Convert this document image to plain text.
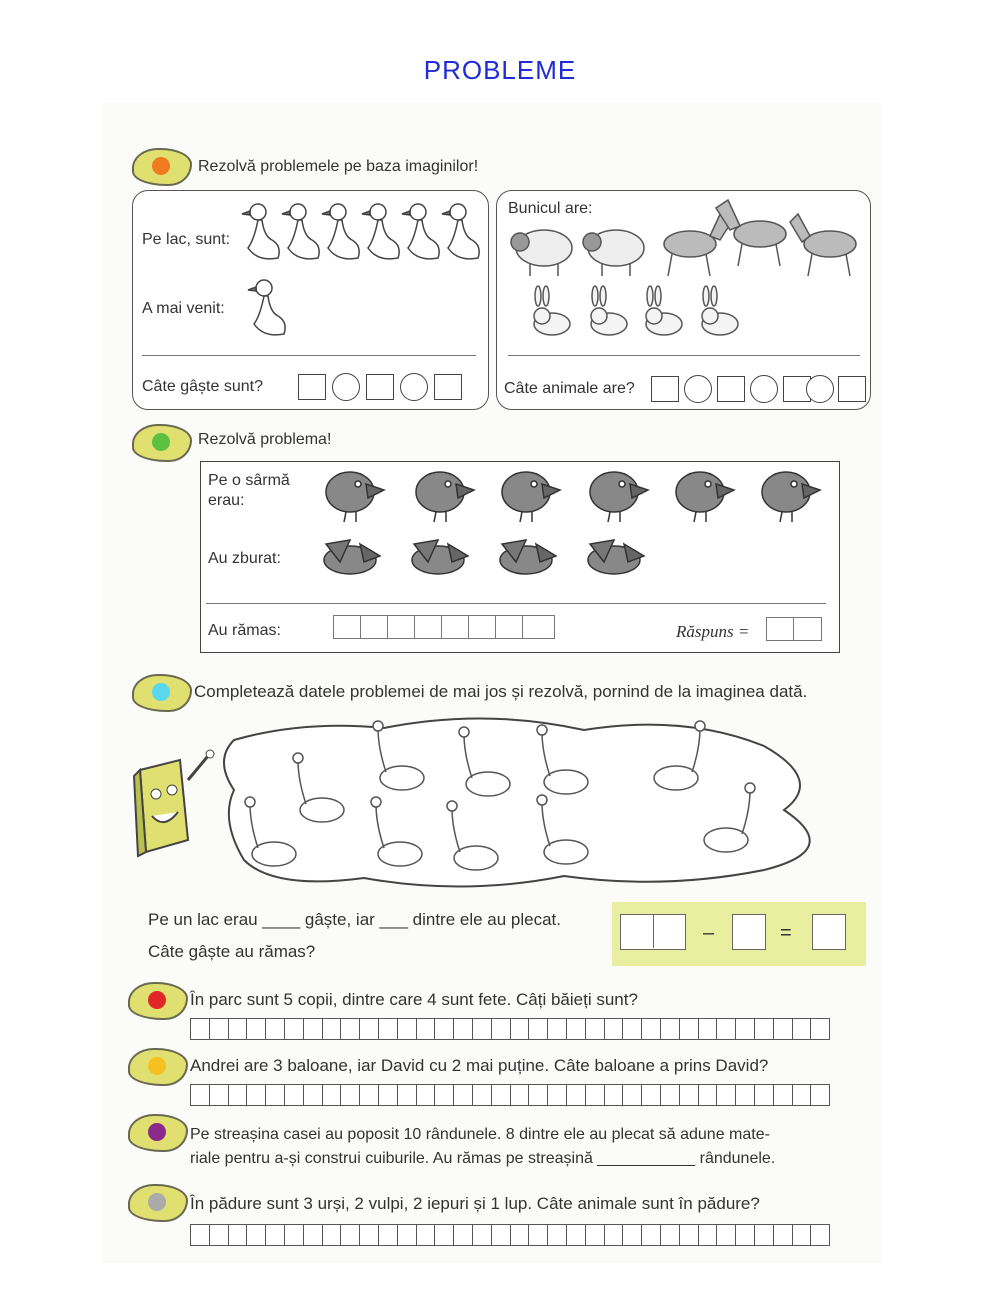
PROBLEME
Rezolvă problemele pe baza imaginilor!
Pe lac, sunt:
A mai venit:
Câte gâște sunt?
Bunicul are:
Câte animale are?
Rezolvă problema!
Pe o sârmă
erau:
Au zburat:
Au rămas:	Răspuns =
Completează datele problemei de mai jos și rezolvă, pornind de la imaginea dată.
Pe un lac erau ____ gâște, iar ___ dintre ele au plecat.
Câte gâște au rămas?
–	=
În parc sunt 5 copii, dintre care 4 sunt fete. Câți băieți sunt?
Andrei are 3 baloane, iar David cu 2 mai puține. Câte baloane a prins David?
Pe streașina casei au poposit 10 rândunele. 8 dintre ele au plecat să adune mate-
riale pentru a-și construi cuiburile. Au rămas pe streașină ___________ rândunele.
În pădure sunt 3 urși, 2 vulpi, 2 iepuri și 1 lup. Câte animale sunt în pădure?
